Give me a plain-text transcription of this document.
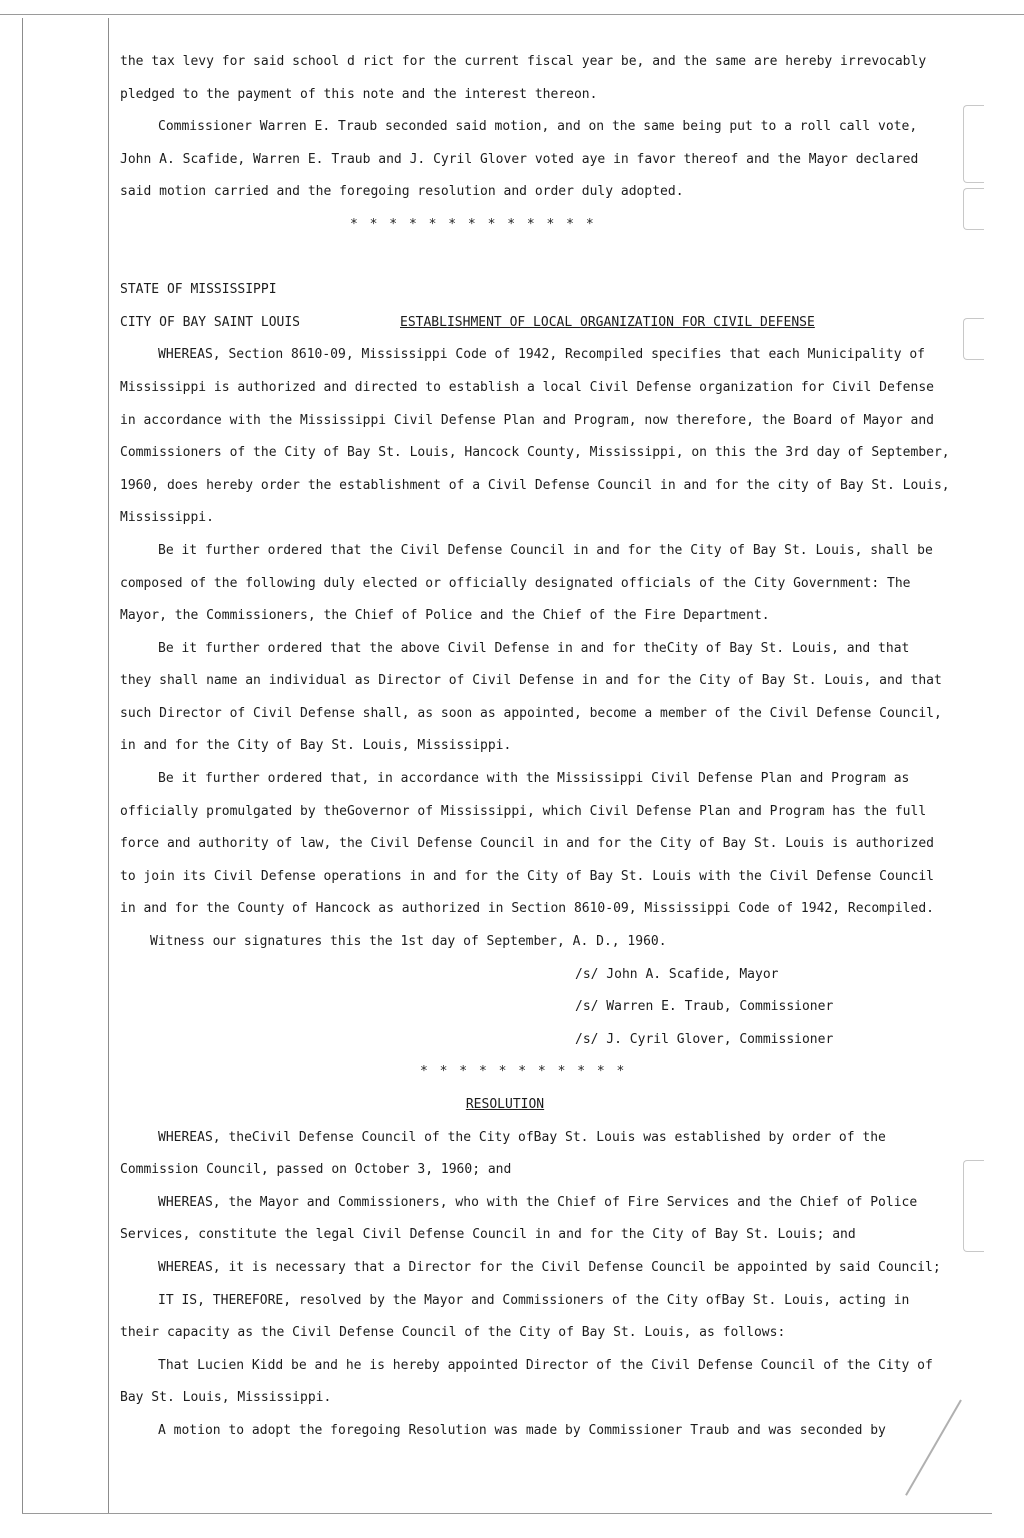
the tax levy for said school d rict for the current fiscal year be, and the same are hereby irrevocably
pledged to the payment of this note and the interest thereon.
Commissioner Warren E. Traub seconded said motion, and on the same being put to a roll call vote,
John A. Scafide, Warren E. Traub and J. Cyril Glover voted aye in favor thereof and the Mayor declared
said motion carried and the foregoing resolution and order duly adopted.
* * * * * * * * * * * * *

STATE OF MISSISSIPPI
CITY OF BAY SAINT LOUIS	ESTABLISHMENT OF LOCAL ORGANIZATION FOR CIVIL DEFENSE
WHEREAS, Section 8610-09, Mississippi Code of 1942, Recompiled specifies that each Municipality of
Mississippi is authorized and directed to establish a local Civil Defense organization for Civil Defense
in accordance with the Mississippi Civil Defense Plan and Program, now therefore, the Board of Mayor and
Commissioners of the City of Bay St. Louis, Hancock County, Mississippi, on this the 3rd day of September,
1960, does hereby order the establishment of a Civil Defense Council in and for the city of Bay St. Louis,
Mississippi.
Be it further ordered that the Civil Defense Council in and for the City of Bay St. Louis, shall be
composed of the following duly elected or officially designated officials of the City Government: The
Mayor, the Commissioners, the Chief of Police and the Chief of the Fire Department.
Be it further ordered that the above Civil Defense in and for theCity of Bay St. Louis, and that
they shall name an individual as Director of Civil Defense in and for the City of Bay St. Louis, and that
such Director of Civil Defense shall, as soon as appointed, become a member of the Civil Defense Council,
in and for the City of Bay St. Louis, Mississippi.
Be it further ordered that, in accordance with the Mississippi Civil Defense Plan and Program as
officially promulgated by theGovernor of Mississippi, which Civil Defense Plan and Program has the full
force and authority of law, the Civil Defense Council in and for the City of Bay St. Louis is authorized
to join its Civil Defense operations in and for the City of Bay St. Louis with the Civil Defense Council
in and for the County of Hancock as authorized in Section 8610-09, Mississippi Code of 1942, Recompiled.
Witness our signatures this the 1st day of September, A. D., 1960.
/s/ John A. Scafide, Mayor
/s/ Warren E. Traub, Commissioner
/s/ J. Cyril Glover, Commissioner
* * * * * * * * * * *
RESOLUTION
WHEREAS, theCivil Defense Council of the City ofBay St. Louis was established by order of the
Commission Council, passed on October 3, 1960; and
WHEREAS, the Mayor and Commissioners, who with the Chief of Fire Services and the Chief of Police
Services, constitute the legal Civil Defense Council in and for the City of Bay St. Louis; and
WHEREAS, it is necessary that a Director for the Civil Defense Council be appointed by said Council;
IT IS, THEREFORE, resolved by the Mayor and Commissioners of the City ofBay St. Louis, acting in
their capacity as the Civil Defense Council of the City of Bay St. Louis, as follows:
That Lucien Kidd be and he is hereby appointed Director of the Civil Defense Council of the City of
Bay St. Louis, Mississippi.
A motion to adopt the foregoing Resolution was made by Commissioner Traub and was seconded by
